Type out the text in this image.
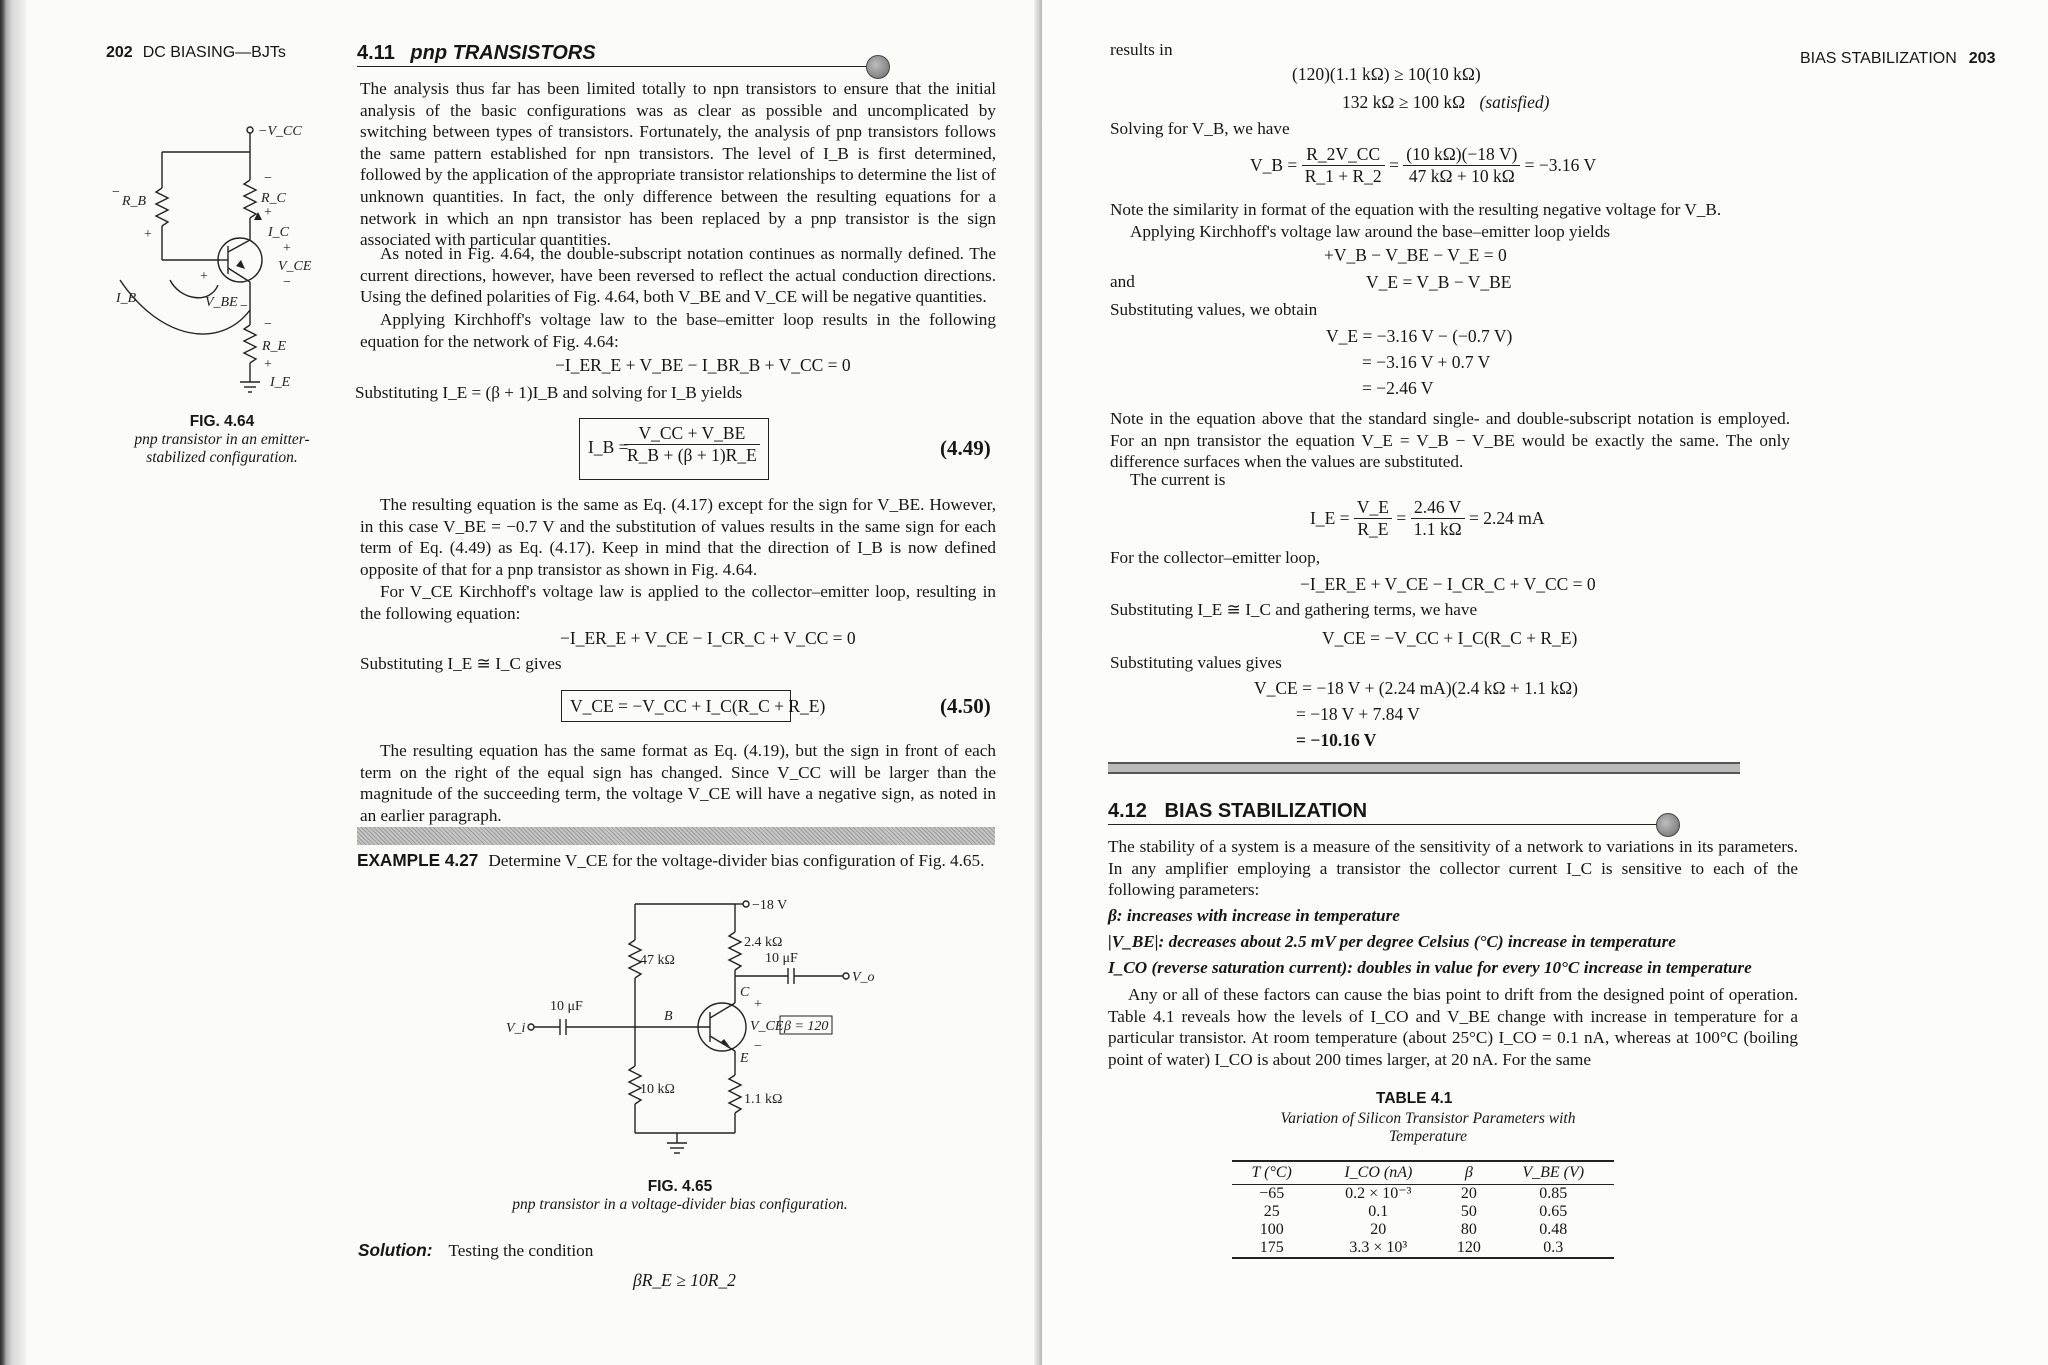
202 DC BIASING—BJTs	4.11 pnp TRANSISTORS

The analysis thus far has been limited totally to npn transistors to ensure that the initial analysis of the basic configurations was as clear as possible and uncomplicated by switching between types of transistors. Fortunately, the analysis of pnp transistors follows the same pattern established for npn transistors. The level of I_B is first determined, followed by the application of the appropriate transistor relationships to determine the list of unknown quantities. In fact, the only difference between the resulting equations for a network in which an npn transistor has been replaced by a pnp transistor is the sign associated with particular quantities.

As noted in Fig. 4.64, the double-subscript notation continues as normally defined. The current directions, however, have been reversed to reflect the actual conduction directions. Using the defined polarities of Fig. 4.64, both V_BE and V_CE will be negative quantities.

Applying Kirchhoff's voltage law to the base–emitter loop results in the following equation for the network of Fig. 4.64:

−I_ER_E + V_BE − I_BR_B + V_CC = 0

Substituting I_E = (β + 1)I_B and solving for I_B yields

I_B =
$\frac{V\_CC + V\_BE}{R\_B + (\beta + 1)R\_E}$	(4.49)

The resulting equation is the same as Eq. (4.17) except for the sign for V_BE. However, in this case V_BE = −0.7 V and the substitution of values results in the same sign for each term of Eq. (4.49) as Eq. (4.17). Keep in mind that the direction of I_B is now defined opposite of that for a pnp transistor as shown in Fig. 4.64.

For V_CE Kirchhoff's voltage law is applied to the collector–emitter loop, resulting in the following equation:

−I_ER_E + V_CE − I_CR_C + V_CC = 0

Substituting I_E ≅ I_C gives

V_CE = −V_CC + I_C(R_C + R_E)	(4.50)

The resulting equation has the same format as Eq. (4.19), but the sign in front of each term on the right of the equal sign has changed. Since V_CC will be larger than the magnitude of the succeeding term, the voltage V_CE will have a negative sign, as noted in an earlier paragraph.

EXAMPLE 4.27 Determine V_CE for the voltage-divider bias configuration of Fig. 4.65.
−V_CC
R_B	R_C
I_C
V_CE
I_B	V_BE
R_E
I_E
−
+
−
+
+
−
+
−
−
+
FIG. 4.64
pnp transistor in an emitter-stabilized configuration.
−18 V
47 kΩ
2.4 kΩ
10 μF
V_o
10 μF
V_i	β = 120
V_CE
10 kΩ
1.1 kΩ
B
C
E
+
−
FIG. 4.65
pnp transistor in a voltage-divider bias configuration.
Solution: Testing the condition
βR_E ≥ 10R_2
BIAS STABILIZATION 203
results in
(120)(1.1 kΩ) ≥ 10(10 kΩ)
132 kΩ ≥ 100 kΩ (satisfied)
Solving for V_B, we have
V_B = $\frac{R\_2V\_CC}{R\_1 + R\_2} = \frac{(10 k\Omega)(-18 V)}{47 k\Omega + 10 k\Omega} = -3.16$ V

Note the similarity in format of the equation with the resulting negative voltage for V_B.

Applying Kirchhoff's voltage law around the base–emitter loop yields

+V_B − V_BE − V_E = 0
and	V_E = V_B − V_BE
Substituting values, we obtain
V_E = −3.16 V − (−0.7 V)
= −3.16 V + 0.7 V
= −2.46 V

Note in the equation above that the standard single- and double-subscript notation is employed. For an npn transistor the equation V_E = V_B − V_BE would be exactly the same. The only difference surfaces when the values are substituted.

The current is
I_E = $\frac{V\_E}{R\_E} = \frac{2.46 V}{1.1 k\Omega} = 2.24$ mA
For the collector–emitter loop,
−I_ER_E + V_CE − I_CR_C + V_CC = 0
Substituting I_E ≅ I_C and gathering terms, we have
V_CE = −V_CC + I_C(R_C + R_E)
Substituting values gives
V_CE = −18 V + (2.24 mA)(2.4 kΩ + 1.1 kΩ)
= −18 V + 7.84 V
= −10.16 V
4.12 BIAS STABILIZATION

The stability of a system is a measure of the sensitivity of a network to variations in its parameters. In any amplifier employing a transistor the collector current I_C is sensitive to each of the following parameters:

β: increases with increase in temperature
|V_BE|: decreases about 2.5 mV per degree Celsius (°C) increase in temperature
I_CO (reverse saturation current): doubles in value for every 10°C increase in temperature

Any or all of these factors can cause the bias point to drift from the designed point of operation. Table 4.1 reveals how the levels of I_CO and V_BE change with increase in temperature for a particular transistor. At room temperature (about 25°C) I_CO = 0.1 nA, whereas at 100°C (boiling point of water) I_CO is about 200 times larger, at 20 nA. For the same

TABLE 4.1
Variation of Silicon Transistor Parameters with Temperature
T (°C)	I_CO (nA)	β	V_BE (V)
−65	0.2 × 10⁻³	20	0.85
25	0.1	50	0.65
100	20	80	0.48
175	3.3 × 10³	120	0.3
